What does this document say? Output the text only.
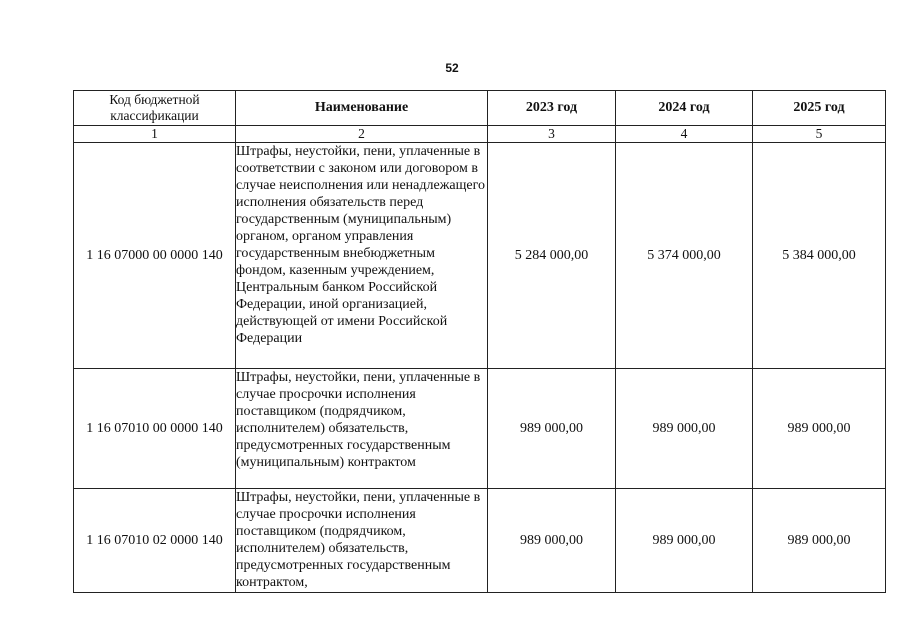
52
Код бюджетной классификации	Наименование	2023 год	2024 год	2025 год
1	2	3	4	5
1 16 07000 00 0000 140	Штрафы, неустойки, пени, уплаченные в соответствии с законом или договором в случае неисполнения или ненадлежащего исполнения обязательств перед государственным (муниципальным) органом, органом управления государственным внебюджетным фондом, казенным учреждением, Центральным банком Российской Федерации, иной организацией, действующей от имени Российской Федерации	5 284 000,00	5 374 000,00	5 384 000,00
1 16 07010 00 0000 140	Штрафы, неустойки, пени, уплаченные в случае просрочки исполнения поставщиком (подрядчиком, исполнителем) обязательств, предусмотренных государственным (муниципальным) контрактом	989 000,00	989 000,00	989 000,00
1 16 07010 02 0000 140	Штрафы, неустойки, пени, уплаченные в случае просрочки исполнения поставщиком (подрядчиком, исполнителем) обязательств, предусмотренных государственным контрактом,	989 000,00	989 000,00	989 000,00
